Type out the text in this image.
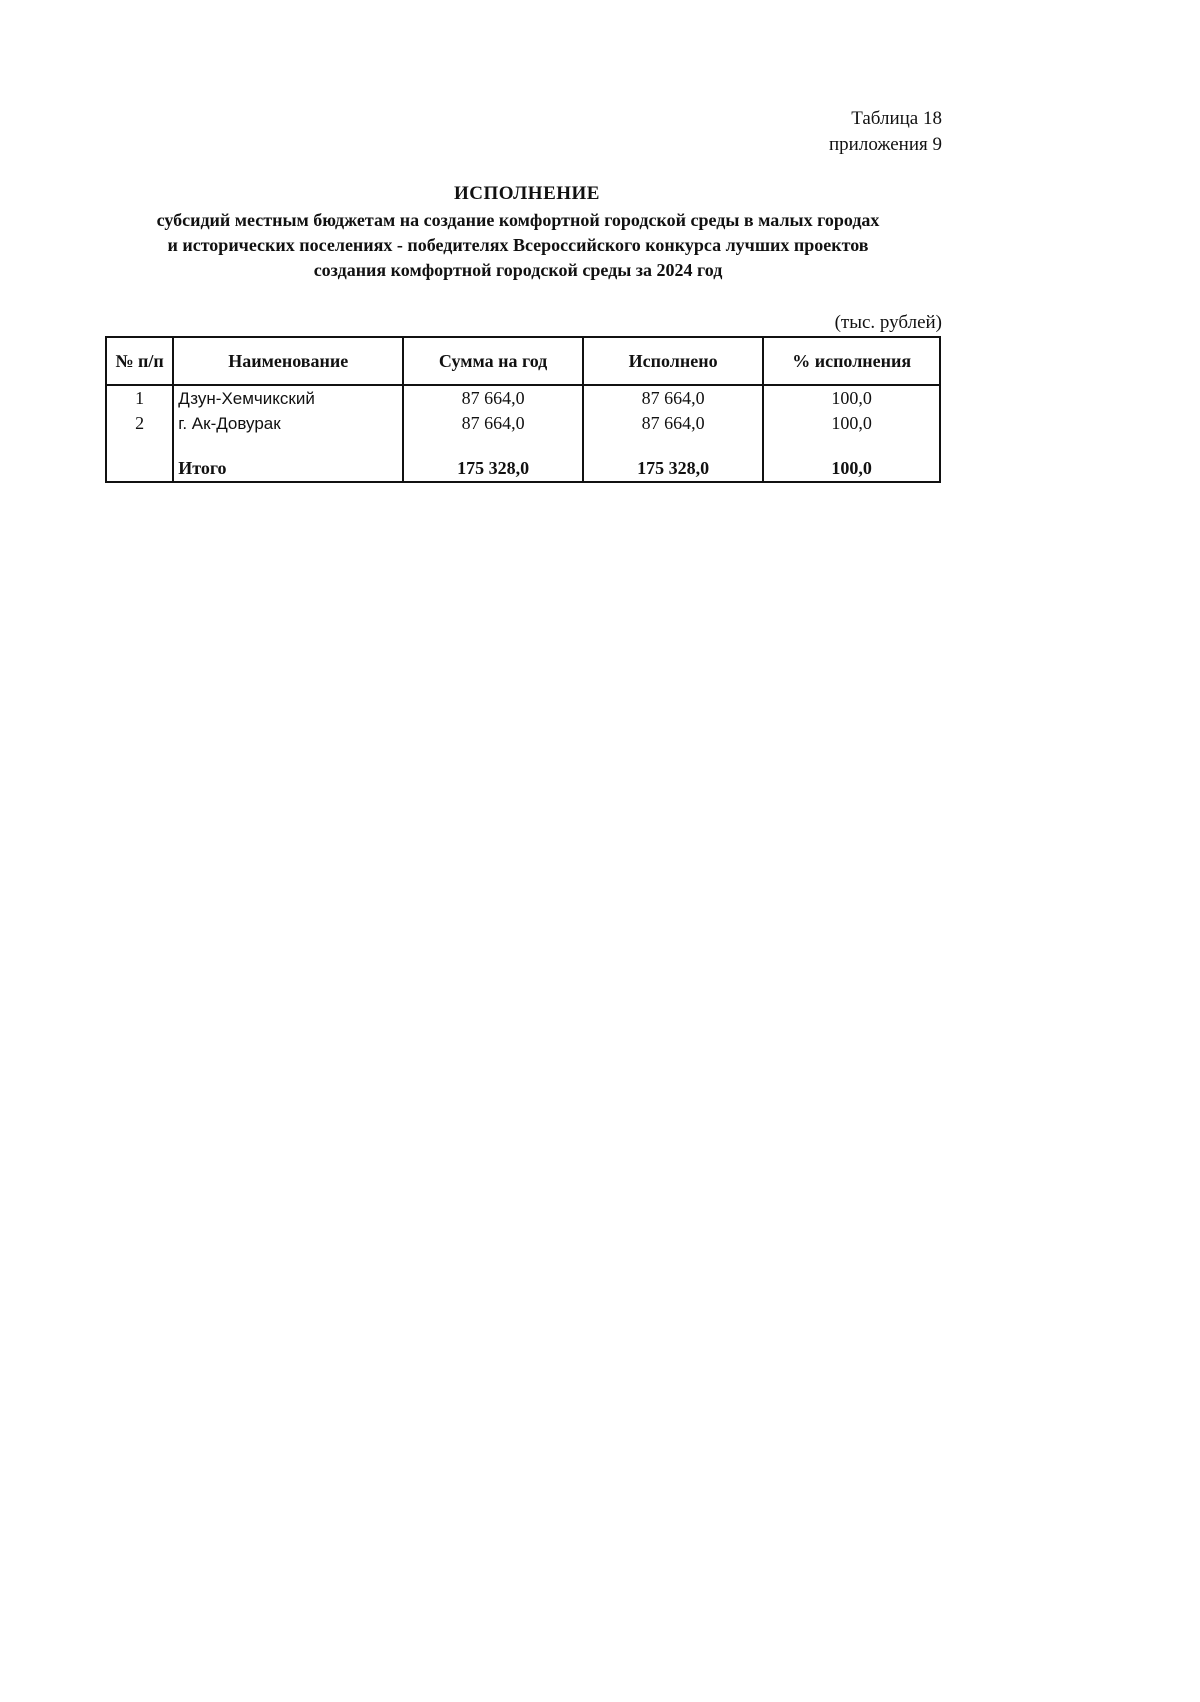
Таблица 18
приложения 9
ИСПОЛНЕНИЕ
субсидий местным бюджетам на создание комфортной городской среды в малых городах
и исторических поселениях - победителях Всероссийского конкурса лучших проектов
создания комфортной городской среды за 2024 год
(тыс. рублей)
№ п/п	Наименование	Сумма на год	Исполнено	% исполнения
1	Дзун-Хемчикский	87 664,0	87 664,0	100,0
2	г. Ак-Довурак	87 664,0	87 664,0	100,0

	Итого	175 328,0	175 328,0	100,0
